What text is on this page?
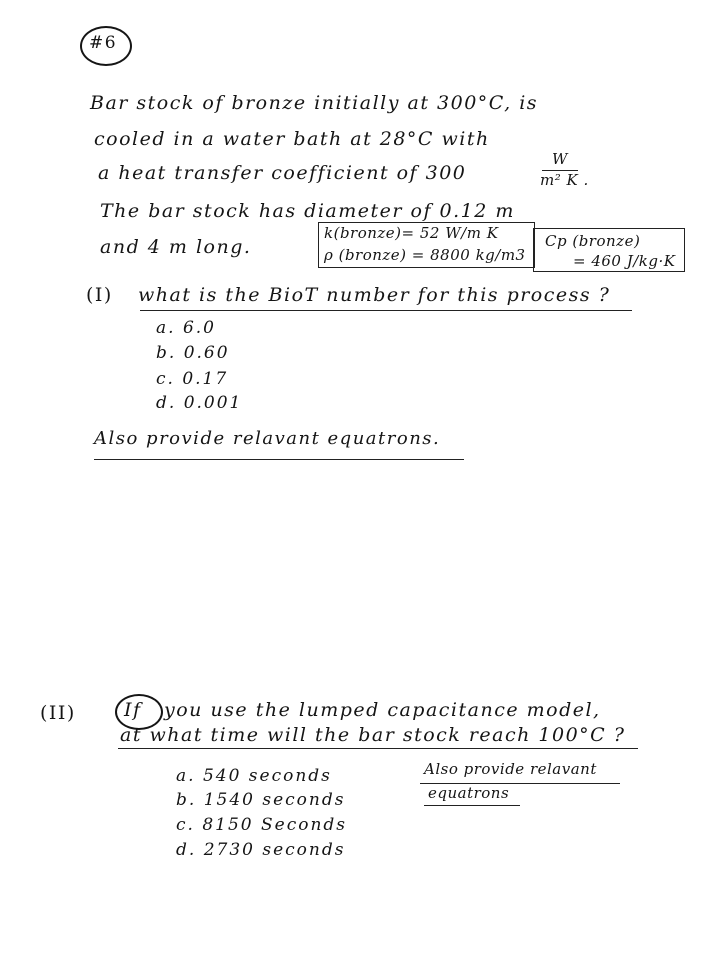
#6
Bar stock of bronze initially at 300°C, is
cooled in a water bath at 28°C with
a heat transfer coefficient of 300
W
m² K .
The bar stock has diameter of 0.12 m
and 4 m long.
k(bronze)= 52 W/m K
ρ (bronze) = 8800 kg/m3
Cp (bronze)
= 460 J/kg·K
(I) what is the BioT number for this process ?
a. 6.0
b. 0.60
c. 0.17
d. 0.001
Also provide relavant equatrons.
(II)	If you use the lumped capacitance model,
at what time will the bar stock reach 100°C ?
a. 540 seconds
b. 1540 seconds
c. 8150 Seconds
d. 2730 seconds
Also provide relavant
equatrons
